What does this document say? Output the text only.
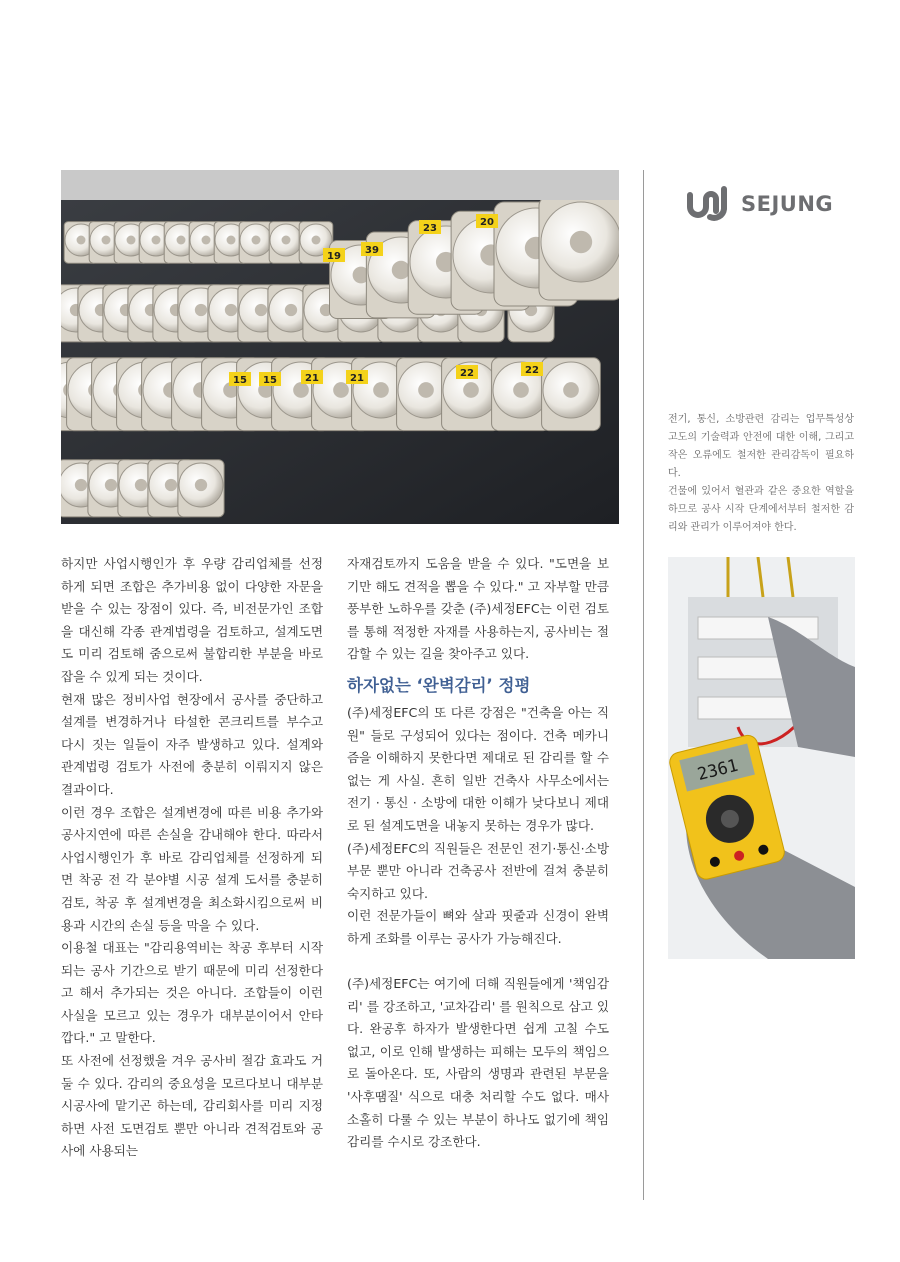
23
20
19
39
22	22
21	21
15 15
SEJUNG

전기, 통신, 소방관련 감리는 업무특성상 고도의 기술력과 안전에 대한 이해, 그리고 작은 오류에도 철저한 관리감독이 필요하다.

건물에 있어서 혈관과 같은 중요한 역할을 하므로 공사 시작 단계에서부터 철저한 감리와 관리가 이루어져야 한다.

2361

하지만 사업시행인가 후 우량 감리업체를 선정하게 되면 조합은 추가비용 없이 다양한 자문을 받을 수 있는 장점이 있다. 즉, 비전문가인 조합을 대신해 각종 관계법령을 검토하고, 설계도면도 미리 검토해 줌으로써 불합리한 부분을 바로 잡을 수 있게 되는 것이다.

현재 많은 정비사업 현장에서 공사를 중단하고 설계를 변경하거나 타설한 콘크리트를 부수고 다시 짓는 일들이 자주 발생하고 있다. 설계와 관계법령 검토가 사전에 충분히 이뤄지지 않은 결과이다.

이런 경우 조합은 설계변경에 따른 비용 추가와 공사지연에 따른 손실을 감내해야 한다. 따라서 사업시행인가 후 바로 감리업체를 선정하게 되면 착공 전 각 분야별 시공 설계 도서를 충분히 검토, 착공 후 설계변경을 최소화시킴으로써 비용과 시간의 손실 등을 막을 수 있다.

이용철 대표는 "감리용역비는 착공 후부터 시작되는 공사 기간으로 받기 때문에 미리 선정한다고 해서 추가되는 것은 아니다. 조합들이 이런 사실을 모르고 있는 경우가 대부분이어서 안타깝다." 고 말한다.

또 사전에 선정했을 겨우 공사비 절감 효과도 거둘 수 있다. 감리의 중요성을 모르다보니 대부분 시공사에 맡기곤 하는데, 감리회사를 미리 지정하면 사전 도면검토 뿐만 아니라 견적검토와 공사에 사용되는

자재검토까지 도움을 받을 수 있다. "도면을 보기만 해도 견적을 뽑을 수 있다." 고 자부할 만큼 풍부한 노하우를 갖춘 (주)세정EFC는 이런 검토를 통해 적정한 자재를 사용하는지, 공사비는 절감할 수 있는 길을 찾아주고 있다.

하자없는 ‘완벽감리’ 정평

(주)세정EFC의 또 다른 강점은 "건축을 아는 직원" 들로 구성되어 있다는 점이다. 건축 메카니즘을 이해하지 못한다면 제대로 된 감리를 할 수 없는 게 사실. 흔히 일반 건축사 사무소에서는 전기 · 통신 · 소방에 대한 이해가 낮다보니 제대로 된 설계도면을 내놓지 못하는 경우가 많다.

(주)세정EFC의 직원들은 전문인 전기·통신·소방 부문 뿐만 아니라 건축공사 전반에 걸쳐 충분히 숙지하고 있다.

이런 전문가들이 뼈와 살과 핏줄과 신경이 완벽하게 조화를 이루는 공사가 가능해진다.

(주)세정EFC는 여기에 더해 직원들에게 '책임감리' 를 강조하고, '교차감리' 를 원칙으로 삼고 있다. 완공후 하자가 발생한다면 쉽게 고칠 수도 없고, 이로 인해 발생하는 피해는 모두의 책임으로 돌아온다. 또, 사람의 생명과 관련된 부문을 '사후땜질' 식으로 대충 처리할 수도 없다. 매사 소홀히 다룰 수 있는 부분이 하나도 없기에 책임감리를 수시로 강조한다.
